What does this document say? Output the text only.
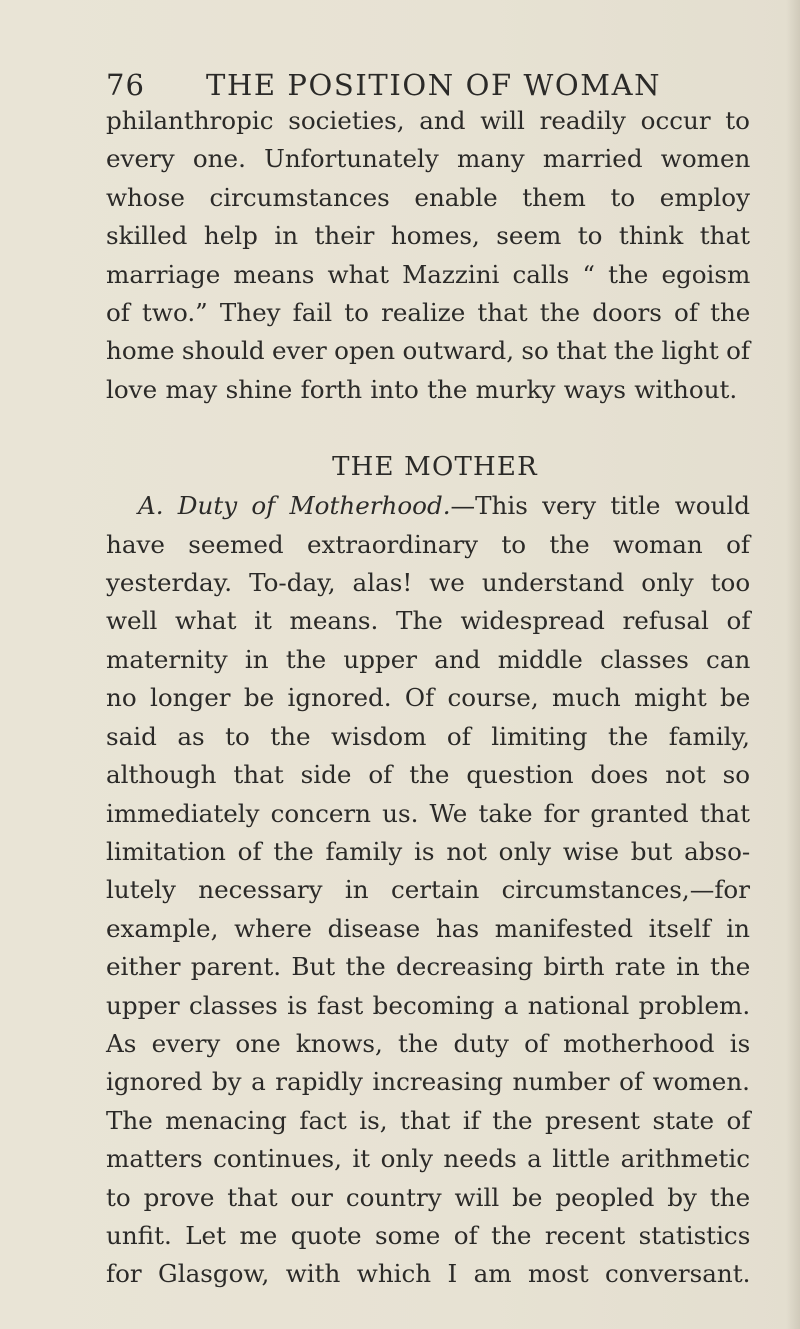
76	THE POSITION OF WOMAN
philanthropic societies, and will readily occur to
every one. Unfortunately many married women
whose circumstances enable them to employ
skilled help in their homes, seem to think that
marriage means what Mazzini calls “ the egoism
of two.” They fail to realize that the doors of the
home should ever open outward, so that the light of
love may shine forth into the murky ways without.
THE MOTHER
A. Duty of Motherhood.—This very title would
have seemed extraordinary to the woman of
yesterday. To-day, alas! we understand only too
well what it means. The widespread refusal of
maternity in the upper and middle classes can
no longer be ignored. Of course, much might be
said as to the wisdom of limiting the family,
although that side of the question does not so
immediately concern us. We take for granted that
limitation of the family is not only wise but abso-
lutely necessary in certain circumstances,—for
example, where disease has manifested itself in
either parent. But the decreasing birth rate in the
upper classes is fast becoming a national problem.
As every one knows, the duty of motherhood is
ignored by a rapidly increasing number of women.
The menacing fact is, that if the present state of
matters continues, it only needs a little arithmetic
to prove that our country will be peopled by the
unfit. Let me quote some of the recent statistics
for Glasgow, with which I am most conversant.
